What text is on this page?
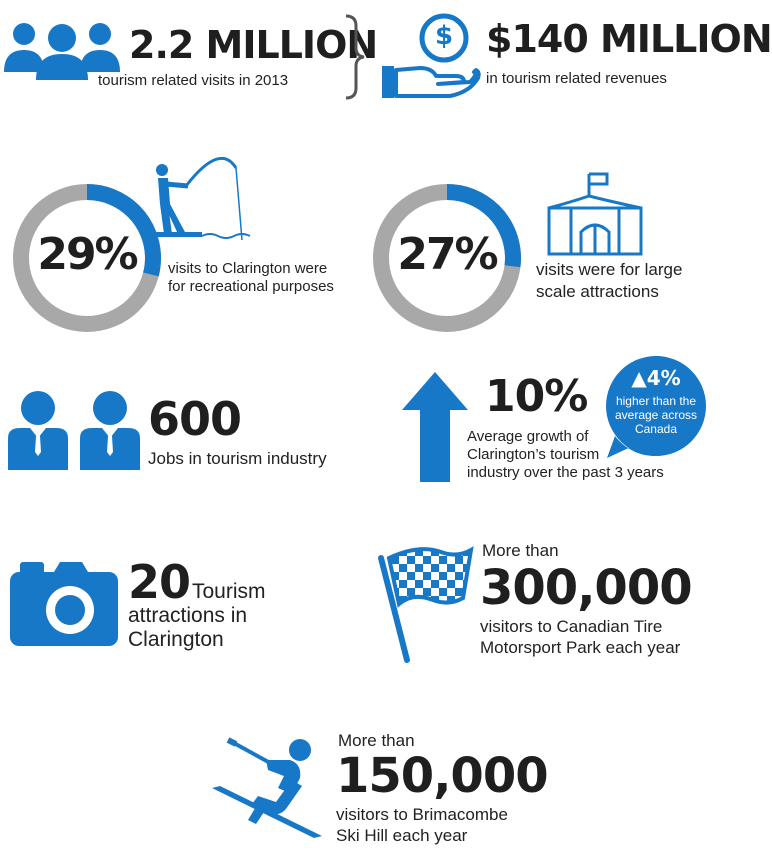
2.2 MILLION
tourism related visits in 2013
$ $140 MILLION
in tourism related revenues
29%	visits to Clarington were
for recreational purposes
27%	visits were for large
scale attractions
600
Jobs in tourism industry
10%
Average growth of
Clarington’s tourism
industry over the past 3 years
▲4%
higher than the
average across
Canada
20 Tourism
attractions in
Clarington
More than
300,000
visitors to Canadian Tire
Motorsport Park each year
More than
150,000
visitors to Brimacombe
Ski Hill each year
